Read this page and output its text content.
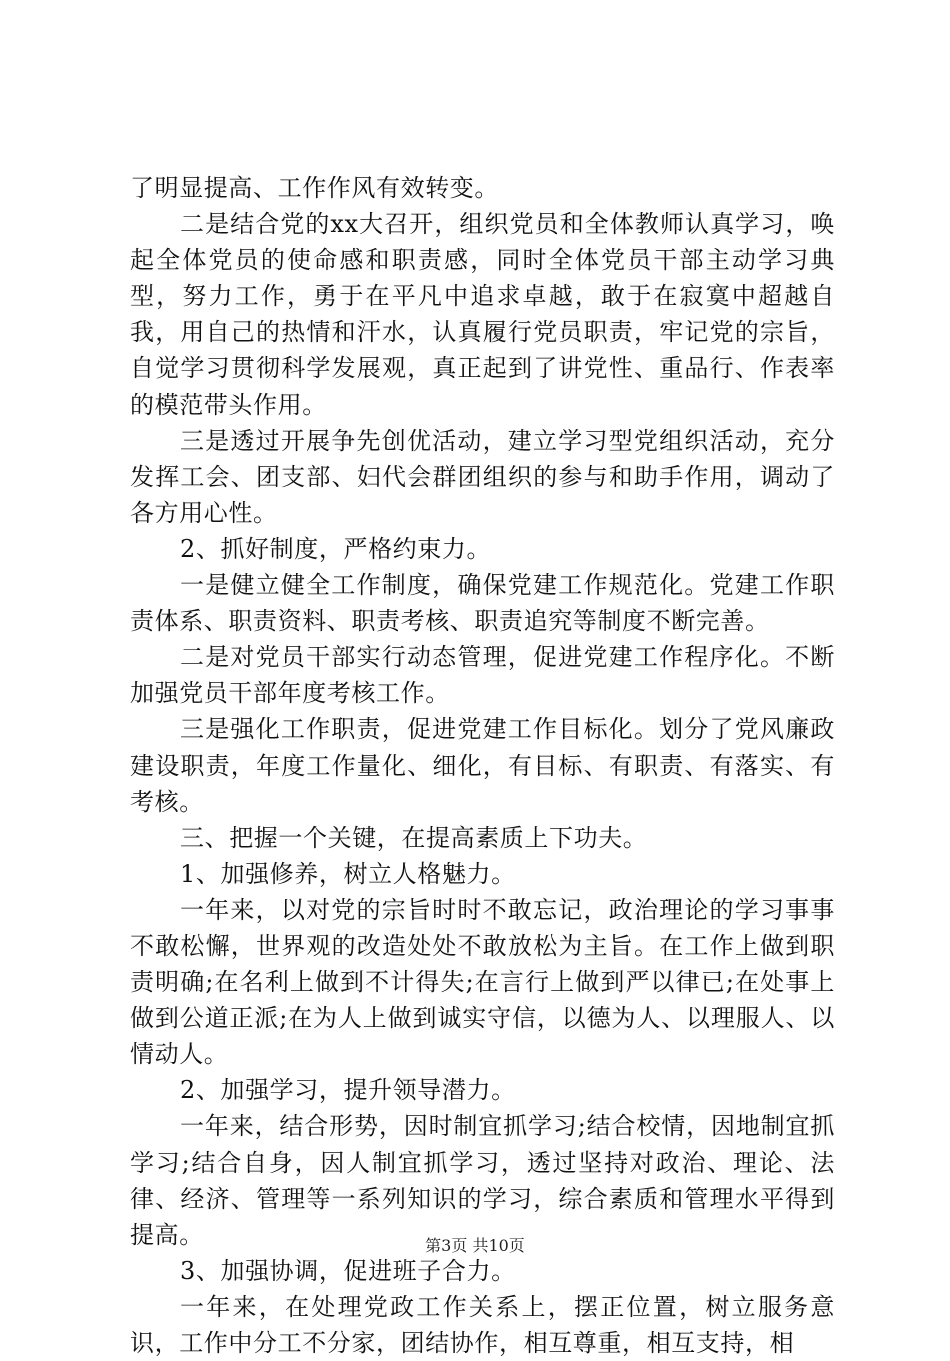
了明显提高、工作作风有效转变。

二是结合党的xx大召开，组织党员和全体教师认真学习，唤起全体党员的使命感和职责感，同时全体党员干部主动学习典型，努力工作，勇于在平凡中追求卓越，敢于在寂寞中超越自我，用自己的热情和汗水，认真履行党员职责，牢记党的宗旨，自觉学习贯彻科学发展观，真正起到了讲党性、重品行、作表率的模范带头作用。

三是透过开展争先创优活动，建立学习型党组织活动，充分发挥工会、团支部、妇代会群团组织的参与和助手作用，调动了各方用心性。

2、抓好制度，严格约束力。

一是健立健全工作制度，确保党建工作规范化。党建工作职责体系、职责资料、职责考核、职责追究等制度不断完善。

二是对党员干部实行动态管理，促进党建工作程序化。不断加强党员干部年度考核工作。

三是强化工作职责，促进党建工作目标化。划分了党风廉政建设职责，年度工作量化、细化，有目标、有职责、有落实、有考核。

三、把握一个关键，在提高素质上下功夫。

1、加强修养，树立人格魅力。

一年来，以对党的宗旨时时不敢忘记，政治理论的学习事事不敢松懈，世界观的改造处处不敢放松为主旨。在工作上做到职责明确;在名利上做到不计得失;在言行上做到严以律已;在处事上做到公道正派;在为人上做到诚实守信，以德为人、以理服人、以情动人。

2、加强学习，提升领导潜力。

一年来，结合形势，因时制宜抓学习;结合校情，因地制宜抓学习;结合自身，因人制宜抓学习，透过坚持对政治、理论、法律、经济、管理等一系列知识的学习，综合素质和管理水平得到提高。

3、加强协调，促进班子合力。

一年来，在处理党政工作关系上，摆正位置，树立服务意识，工作中分工不分家，团结协作，相互尊重，相互支持，相

第3页 共10页
